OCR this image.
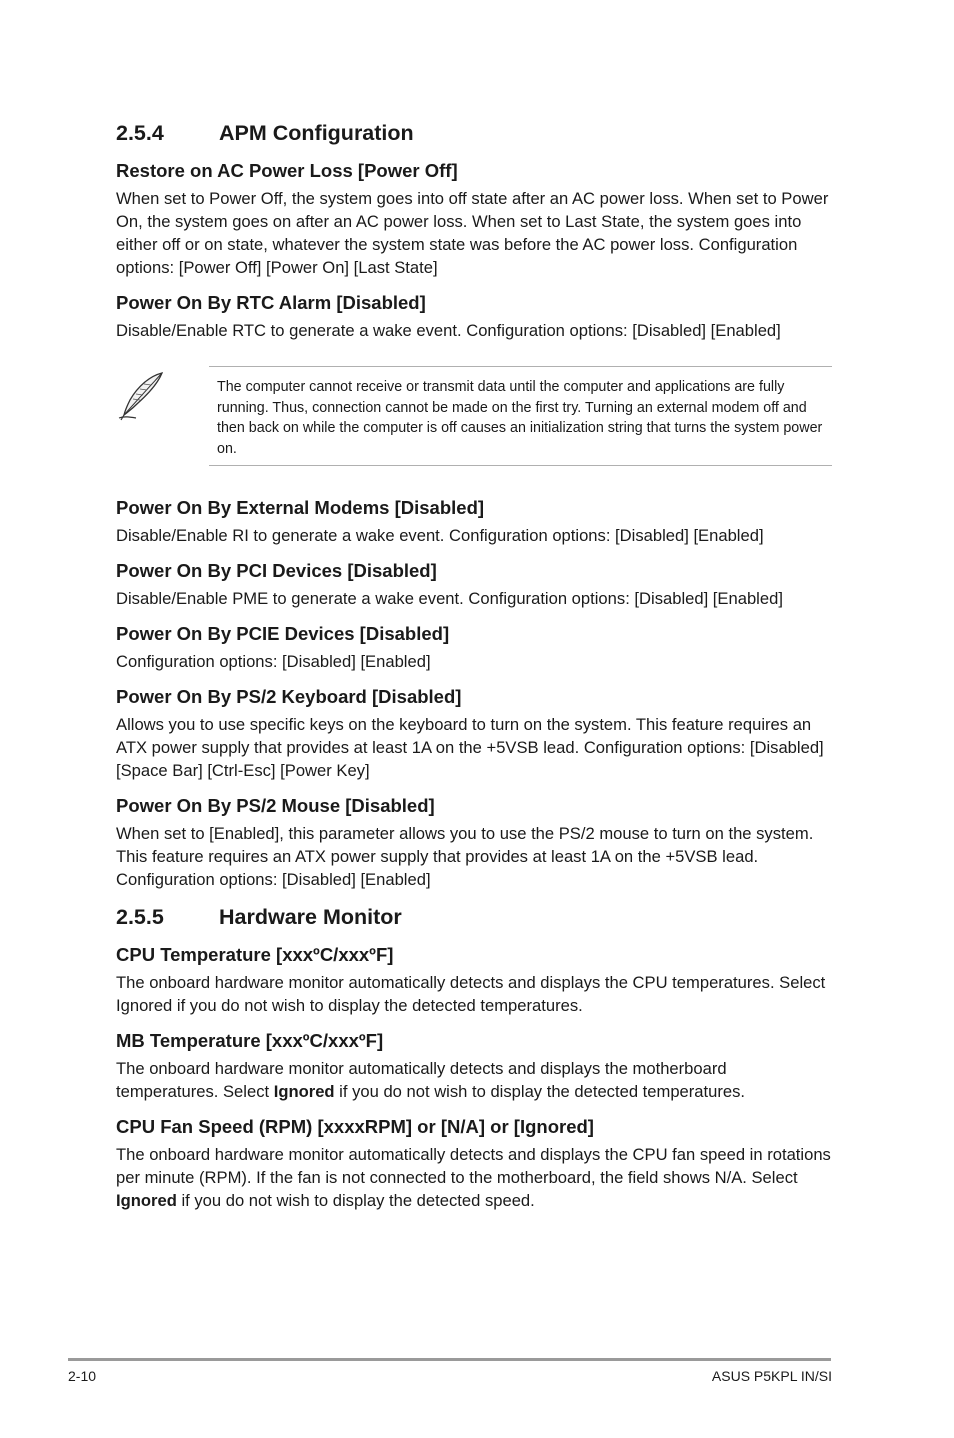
2.5.4	APM Configuration
Restore on AC Power Loss [Power Off]
When set to Power Off, the system goes into off state after an AC power loss. When set to Power On, the system goes on after an AC power loss. When set to Last State, the system goes into either off or on state, whatever the system state was before the AC power loss. Configuration options: [Power Off] [Power On] [Last State]
Power On By RTC Alarm [Disabled]
Disable/Enable RTC to generate a wake event. Configuration options: [Disabled] [Enabled]
The computer cannot receive or transmit data until the computer and applications are fully running. Thus, connection cannot be made on the first try. Turning an external modem off and then back on while the computer is off causes an initialization string that turns the system power on.
Power On By External Modems [Disabled]
Disable/Enable RI to generate a wake event. Configuration options: [Disabled] [Enabled]
Power On By PCI Devices [Disabled]
Disable/Enable PME to generate a wake event. Configuration options: [Disabled] [Enabled]
Power On By PCIE Devices [Disabled]
Configuration options: [Disabled] [Enabled]
Power On By PS/2 Keyboard [Disabled]
Allows you to use specific keys on the keyboard to turn on the system. This feature requires an ATX power supply that provides at least 1A on the +5VSB lead. Configuration options: [Disabled] [Space Bar] [Ctrl-Esc] [Power Key]
Power On By PS/2 Mouse [Disabled]
When set to [Enabled], this parameter allows you to use the PS/2 mouse to turn on the system. This feature requires an ATX power supply that provides at least 1A on the +5VSB lead. Configuration options: [Disabled] [Enabled]
2.5.5	Hardware Monitor
CPU Temperature [xxxºC/xxxºF]
The onboard hardware monitor automatically detects and displays the CPU temperatures. Select Ignored if you do not wish to display the detected temperatures.
MB Temperature [xxxºC/xxxºF]
The onboard hardware monitor automatically detects and displays the motherboard temperatures. Select Ignored if you do not wish to display the detected temperatures.
CPU Fan Speed (RPM) [xxxxRPM] or [N/A] or [Ignored]
The onboard hardware monitor automatically detects and displays the CPU fan speed in rotations per minute (RPM). If the fan is not connected to the motherboard, the field shows N/A. Select Ignored if you do not wish to display the detected speed.
2-10	ASUS P5KPL IN/SI
